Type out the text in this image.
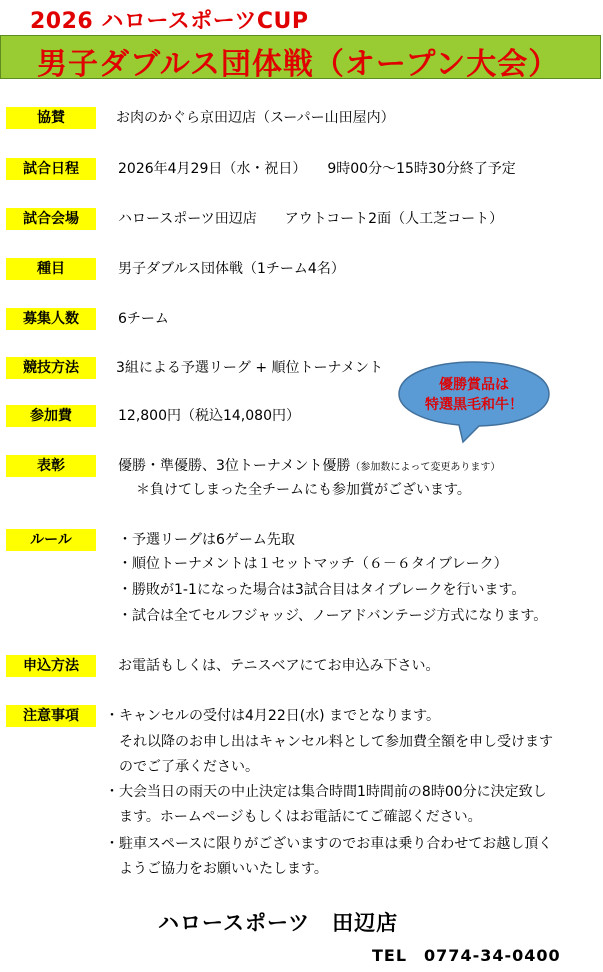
2026 ハロースポーツCUP
男子ダブルス団体戦（オープン大会）
協賛	お肉のかぐら京田辺店（スーパー山田屋内）
試合日程	2026年4月29日（水・祝日）　　9時00分～15時30分終了予定
試合会場	ハロースポーツ田辺店　　アウトコート2面（人工芝コート）
種目	男子ダブルス団体戦（1チーム4名）
募集人数	6チーム
競技方法	3組による予選リーグ + 順位トーナメント
優勝賞品は
特選黒毛和牛！
参加費	12,800円（税込14,080円）
表彰	優勝・準優勝、3位トーナメント優勝（参加数によって変更あります）
＊負けてしまった全チームにも参加賞がございます。
ルール	・予選リーグは6ゲーム先取
・順位トーナメントは１セットマッチ（６－６タイブレーク）
・勝敗が1-1になった場合は3試合目はタイブレークを行います。
・試合は全てセルフジャッジ、ノーアドバンテージ方式になります。
申込方法	お電話もしくは、テニスベアにてお申込み下さい。
注意事項	・キャンセルの受付は4月22日(水) までとなります。
　それ以降のお申し出はキャンセル料として参加費全額を申し受けます
　のでご了承ください。
・大会当日の雨天の中止決定は集合時間1時間前の8時00分に決定致し
　ます。ホームページもしくはお電話にてご確認ください。
・駐車スペースに限りがございますのでお車は乗り合わせてお越し頂く
　ようご協力をお願いいたします。
ハロースポーツ　田辺店
TEL　0774-34-0400
